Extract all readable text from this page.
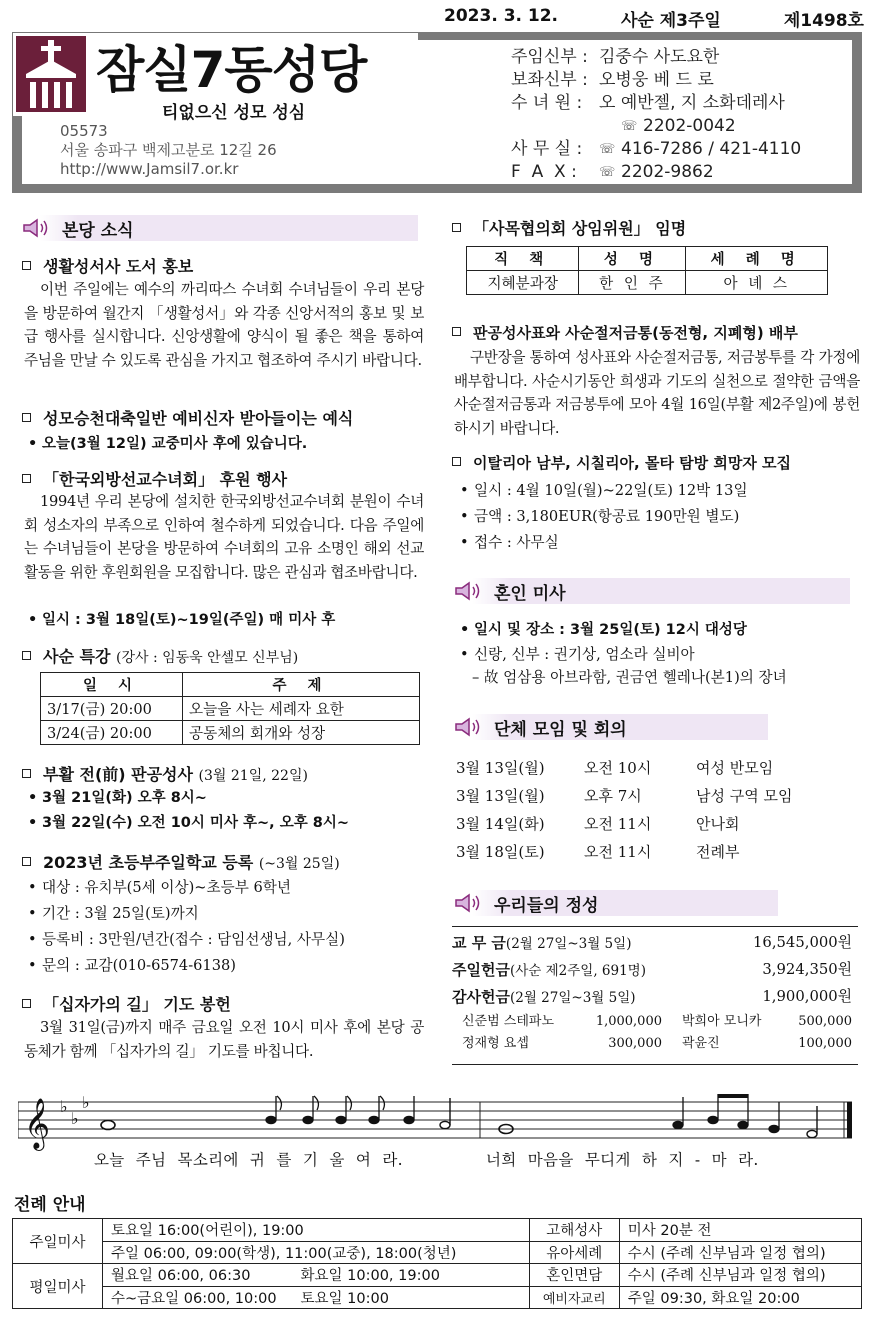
2023. 3. 12.	사순 제3주일	제1498호
잠실7동성당
티없으신 성모 성심
05573
서울 송파구 백제고분로 12길 26
http://www.Jamsil7.or.kr
주임신부 : 김중수 사도요한
보좌신부 : 오병웅 베 드 로
수 녀 원 : 오 예반젤, 지 소화데레사
☏ 2202-0042
사 무 실 : ☏ 416-7286 / 421-4110
F  A  X :	☏ 2202-9862
본당 소식
생활성서사 도서 홍보
이번 주일에는 예수의 까리따스 수녀회 수녀님들이 우리 본당을 방문하여 월간지 「생활성서」와 각종 신앙서적의 홍보 및 보급 행사를 실시합니다. 신앙생활에 양식이 될 좋은 책을 통하여 주님을 만날 수 있도록 관심을 가지고 협조하여 주시기 바랍니다.
성모승천대축일반 예비신자 받아들이는 예식
• 오늘(3월 12일) 교중미사 후에 있습니다.
「한국외방선교수녀회」 후원 행사
1994년 우리 본당에 설치한 한국외방선교수녀회 분원이 수녀회 성소자의 부족으로 인하여 철수하게 되었습니다. 다음 주일에는 수녀님들이 본당을 방문하여 수녀회의 고유 소명인 해외 선교 활동을 위한 후원회원을 모집합니다. 많은 관심과 협조바랍니다.
• 일시 : 3월 18일(토)~19일(주일) 매 미사 후
사순 특강 (강사 : 임동욱 안셀모 신부님)
일 시	주 제
3/17(금) 20:00	오늘을 사는 세례자 요한
3/24(금) 20:00	공동체의 회개와 성장
부활 전(前) 판공성사 (3월 21일, 22일)
• 3월 21일(화) 오후 8시~
• 3월 22일(수) 오전 10시 미사 후~, 오후 8시~
2023년 초등부주일학교 등록 (~3월 25일)
• 대상 : 유치부(5세 이상)~초등부 6학년
• 기간 : 3월 25일(토)까지
• 등록비 : 3만원/년간(접수 : 담임선생님, 사무실)
• 문의 : 교감(010-6574-6138)
「십자가의 길」 기도 봉헌
3월 31일(금)까지 매주 금요일 오전 10시 미사 후에 본당 공동체가 함께 「십자가의 길」 기도를 바칩니다.
「사목협의회 상임위원」 임명
직 책	성 명	세 례 명
지혜분과장	한 인 주	아 녜 스
판공성사표와 사순절저금통(동전형, 지폐형) 배부
구반장을 통하여 성사표와 사순절저금통, 저금봉투를 각 가정에 배부합니다. 사순시기동안 희생과 기도의 실천으로 절약한 금액을 사순절저금통과 저금봉투에 모아 4월 16일(부활 제2주일)에 봉헌하시기 바랍니다.
이탈리아 남부, 시칠리아, 몰타 탐방 희망자 모집
• 일시 : 4월 10일(월)~22일(토) 12박 13일
• 금액 : 3,180EUR(항공료 190만원 별도)
• 접수 : 사무실
혼인 미사
• 일시 및 장소 : 3월 25일(토) 12시 대성당
• 신랑, 신부 : 권기상, 엄소라 실비아
– 故 엄삼용 아브라함, 권금연 헬레나(본1)의 장녀
단체 모임 및 회의
3월 13일(월)	오전 10시	여성 반모임
3월 13일(월)	오후 7시	남성 구역 모임
3월 14일(화)	오전 11시	안나회
3월 18일(토)	오전 11시	전례부
우리들의 정성
교 무 금(2월 27일~3월 5일)	16,545,000원
주일헌금(사순 제2주일, 691명)	3,924,350원
감사헌금(2월 27일~3월 5일)	1,900,000원
신준범 스테파노	1,000,000	박희아 모니카	500,000
정재형 요셉	300,000	곽윤진	100,000
𝄞 ♭
♭
♭
오늘 주님 목소리에 귀 를 기 울 여 라.	너희 마음을 무디게 하 지 - 마 라.
전례 안내
주일미사	토요일 16:00(어린이), 19:00		고해성사	미사 20분 전
	주일 06:00, 09:00(학생), 11:00(교중), 18:00(청년)		유아세례	수시 (주례 신부님과 일정 협의)
평일미사	월요일 06:00, 06:30	화요일 10:00, 19:00	혼인면담	수시 (주례 신부님과 일정 협의)
	수~금요일 06:00, 10:00	토요일 10:00	예비자교리	주일 09:30, 화요일 20:00
